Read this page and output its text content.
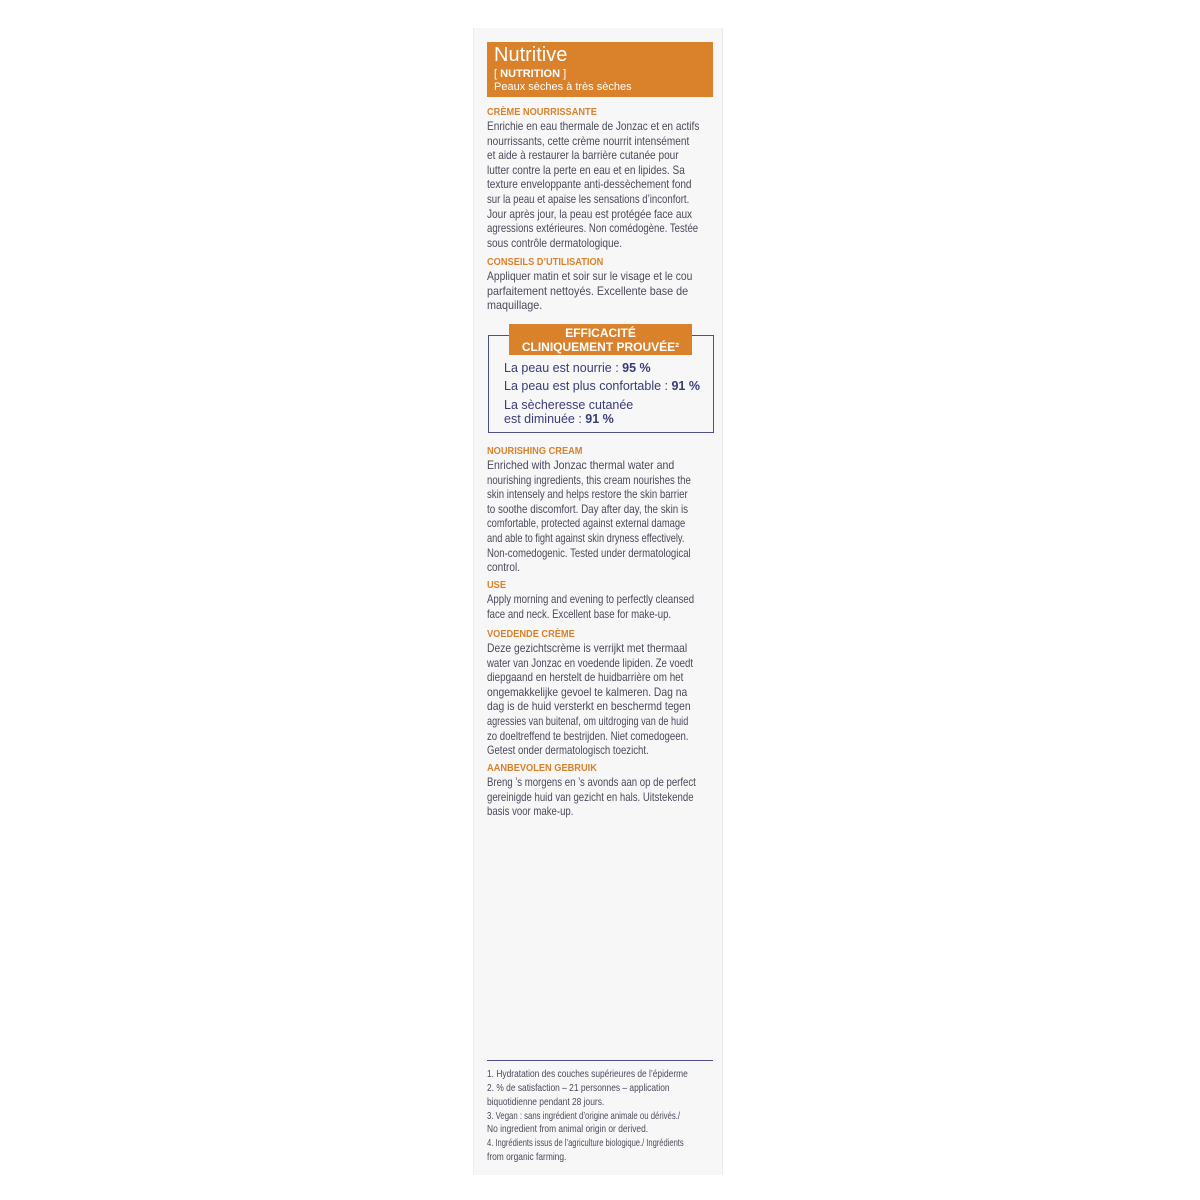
Nutritive
[ NUTRITION ]
Peaux sèches à très sèches
CRÈME NOURRISSANTE
Enrichie en eau thermale de Jonzac et en actifs
nourrissants, cette crème nourrit intensément
et aide à restaurer la barrière cutanée pour
lutter contre la perte en eau et en lipides. Sa
texture enveloppante anti-dessèchement fond
sur la peau et apaise les sensations d’inconfort.
Jour après jour, la peau est protégée face aux
agressions extérieures. Non comédogène. Testée
sous contrôle dermatologique.
CONSEILS D’UTILISATION
Appliquer matin et soir sur le visage et le cou
parfaitement nettoyés. Excellente base de
maquillage.
EFFICACITÉ
CLINIQUEMENT PROUVÉE²
La peau est nourrie : 95 %
La peau est plus confortable : 91 %
La sècheresse cutanée
est diminuée : 91 %
NOURISHING CREAM
Enriched with Jonzac thermal water and
nourishing ingredients, this cream nourishes the
skin intensely and helps restore the skin barrier
to soothe discomfort. Day after day, the skin is
comfortable, protected against external damage
and able to fight against skin dryness effectively.
Non-comedogenic. Tested under dermatological
control.
USE
Apply morning and evening to perfectly cleansed
face and neck. Excellent base for make-up.
VOEDENDE CRÈME
Deze gezichtscrème is verrijkt met thermaal
water van Jonzac en voedende lipiden. Ze voedt
diepgaand en herstelt de huidbarrière om het
ongemakkelijke gevoel te kalmeren. Dag na
dag is de huid versterkt en beschermd tegen
agressies van buitenaf, om uitdroging van de huid
zo doeltreffend te bestrijden. Niet comedogeen.
Getest onder dermatologisch toezicht.
AANBEVOLEN GEBRUIK
Breng ’s morgens en ’s avonds aan op de perfect
gereinigde huid van gezicht en hals. Uitstekende
basis voor make-up.
1. Hydratation des couches supérieures de l’épiderme
2. % de satisfaction – 21 personnes – application
biquotidienne pendant 28 jours.
3. Vegan : sans ingrédient d’origine animale ou dérivés./
No ingredient from animal origin or derived.
4. Ingrédients issus de l’agriculture biologique./ Ingrédients
from organic farming.
